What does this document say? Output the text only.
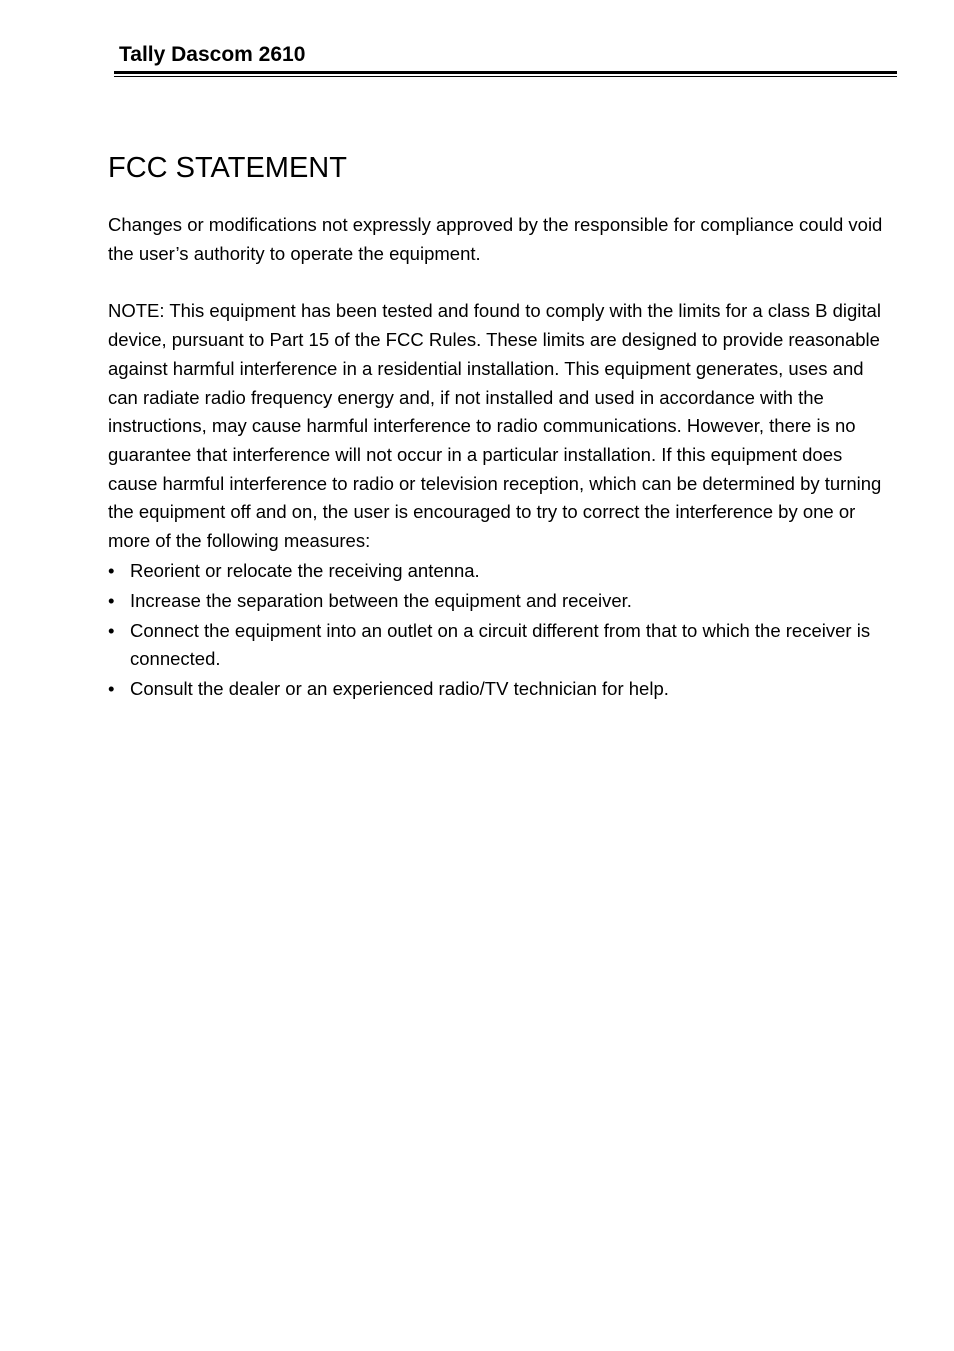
Tally Dascom 2610
FCC STATEMENT

Changes or modifications not expressly approved by the responsible for compliance could void the user’s authority to operate the equipment.

NOTE: This equipment has been tested and found to comply with the limits for a class B digital device, pursuant to Part 15 of the FCC Rules. These limits are designed to provide reasonable against harmful interference in a residential installation. This equipment generates, uses and can radiate radio frequency energy and, if not installed and used in accordance with the instructions, may cause harmful interference to radio communications. However, there is no guarantee that interference will not occur in a particular installation. If this equipment does cause harmful interference to radio or television reception, which can be determined by turning the equipment off and on, the user is encouraged to try to correct the interference by one or more of the following measures:

• Reorient or relocate the receiving antenna.
• Increase the separation between the equipment and receiver.
• Connect the equipment into an outlet on a circuit different from that to which the receiver is connected.
• Consult the dealer or an experienced radio/TV technician for help.
